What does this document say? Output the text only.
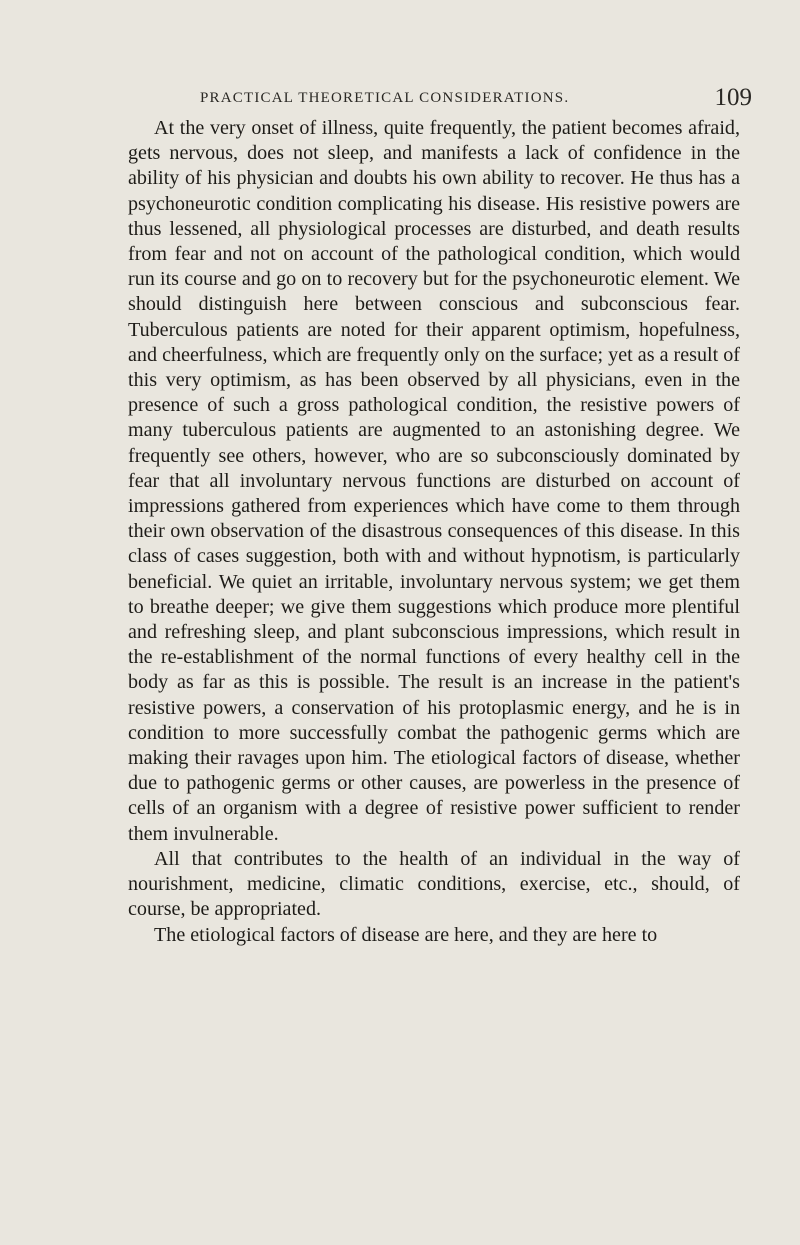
PRACTICAL THEORETICAL CONSIDERATIONS.	109

At the very onset of illness, quite frequently, the patient becomes afraid, gets nervous, does not sleep, and manifests a lack of confidence in the ability of his physician and doubts his own ability to recover. He thus has a psychoneurotic condition complicating his disease. His resistive powers are thus lessened, all physiological processes are disturbed, and death results from fear and not on account of the pathological condition, which would run its course and go on to recovery but for the psychoneurotic element. We should distinguish here between conscious and subconscious fear. Tuberculous patients are noted for their apparent optimism, hopefulness, and cheerfulness, which are frequently only on the surface; yet as a result of this very optimism, as has been observed by all physicians, even in the presence of such a gross pathological condition, the resistive powers of many tuberculous patients are augmented to an astonishing degree. We frequently see others, however, who are so subconsciously dominated by fear that all involuntary nervous functions are disturbed on account of impressions gathered from experiences which have come to them through their own observation of the disastrous consequences of this disease. In this class of cases suggestion, both with and without hypnotism, is particularly beneficial. We quiet an irritable, involuntary nervous system; we get them to breathe deeper; we give them suggestions which produce more plentiful and refreshing sleep, and plant subconscious impressions, which result in the re-establishment of the normal functions of every healthy cell in the body as far as this is possible. The result is an increase in the patient's resistive powers, a conservation of his protoplasmic energy, and he is in condition to more successfully combat the pathogenic germs which are making their ravages upon him. The etiological factors of disease, whether due to pathogenic germs or other causes, are powerless in the presence of cells of an organism with a degree of resistive power sufficient to render them invulnerable.

All that contributes to the health of an individual in the way of nourishment, medicine, climatic conditions, exercise, etc., should, of course, be appropriated.

The etiological factors of disease are here, and they are here to
